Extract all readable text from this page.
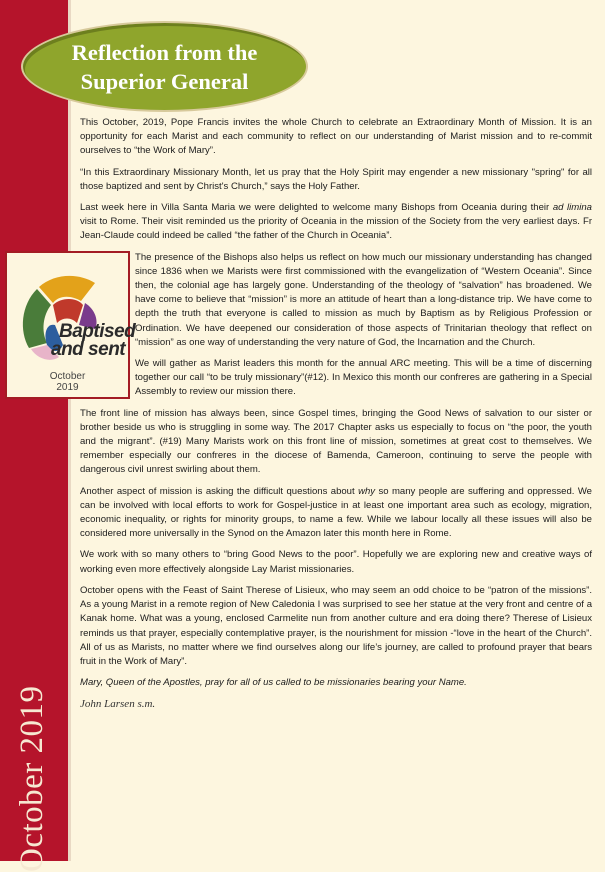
October 2019
Reflection from the
Superior General

This October, 2019, Pope Francis invites the whole Church to celebrate an Extraordinary Month of Mission. It is an opportunity for each Marist and each community to reflect on our understanding of Marist mission and to re-commit ourselves to “the Work of Mary”.

“In this Extraordinary Missionary Month, let us pray that the Holy Spirit may engender a new missionary "spring" for all those baptized and sent by Christ's Church,” says the Holy Father.

Last week here in Villa Santa Maria we were delighted to welcome many Bishops from Oceania during their ad limina visit to Rome. Their visit reminded us the priority of Oceania in the mission of the Society from the very earliest days. Fr Jean-Claude could indeed be called “the father of the Church in Oceania”.

Baptised
and sent
October
2019

The presence of the Bishops also helps us reflect on how much our missionary understanding has changed since 1836 when we Marists were first commissioned with the evangelization of “Western Oceania”. Since then, the colonial age has largely gone. Understanding of the theology of “salvation” has broadened. We have come to believe that “mission” is more an attitude of heart than a long-distance trip. We have come to depth the truth that everyone is called to mission as much by Baptism as by Religious Profession or Ordination. We have deepened our consideration of those aspects of Trinitarian theology that reflect on “mission” as one way of understanding the very nature of God, the Incarnation and the Church.

We will gather as Marist leaders this month for the annual ARC meeting. This will be a time of discerning together our call “to be truly missionary”(#12). In Mexico this month our confreres are gathering in a Special Assembly to review our mission there.

The front line of mission has always been, since Gospel times, bringing the Good News of salvation to our sister or brother beside us who is struggling in some way. The 2017 Chapter asks us especially to focus on “the poor, the youth and the migrant”. (#19) Many Marists work on this front line of mission, sometimes at great cost to themselves. We remember especially our confreres in the diocese of Bamenda, Cameroon, continuing to serve the people with dangerous civil unrest swirling about them.

Another aspect of mission is asking the difficult questions about why so many people are suffering and oppressed. We can be involved with local efforts to work for Gospel-justice in at least one important area such as ecology, migration, economic inequality, or rights for minority groups, to name a few. While we labour locally all these issues will also be considered more universally in the Synod on the Amazon later this month here in Rome.

We work with so many others to “bring Good News to the poor”. Hopefully we are exploring new and creative ways of working even more effectively alongside Lay Marist missionaries.

October opens with the Feast of Saint Therese of Lisieux, who may seem an odd choice to be “patron of the missions”. As a young Marist in a remote region of New Caledonia I was surprised to see her statue at the very front and centre of a Kanak home. What was a young, enclosed Carmelite nun from another culture and era doing there? Therese of Lisieux reminds us that prayer, especially contemplative prayer, is the nourishment for mission -“love in the heart of the Church”. All of us as Marists, no matter where we find ourselves along our life’s journey, are called to profound prayer that bears fruit in the Work of Mary”.

Mary, Queen of the Apostles, pray for all of us called to be missionaries bearing your Name.

John Larsen s.m.
